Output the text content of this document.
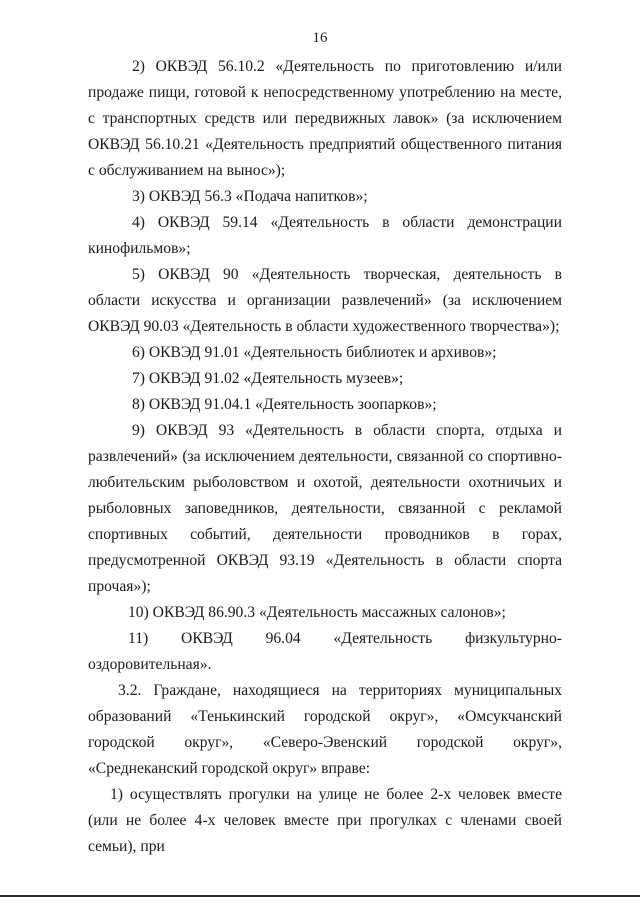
16

2) ОКВЭД 56.10.2 «Деятельность по приготовлению и/или продаже пищи, готовой к непосредственному употреблению на месте, с транспортных средств или передвижных лавок» (за исключением ОКВЭД 56.10.21 «Деятельность предприятий общественного питания с обслуживанием на вынос»);

3) ОКВЭД 56.3 «Подача напитков»;

4) ОКВЭД 59.14 «Деятельность в области демонстрации кинофильмов»;

5) ОКВЭД 90 «Деятельность творческая, деятельность в области искусства и организации развлечений» (за исключением ОКВЭД 90.03 «Деятельность в области художественного творчества»);

6) ОКВЭД 91.01 «Деятельность библиотек и архивов»;

7) ОКВЭД 91.02 «Деятельность музеев»;

8) ОКВЭД 91.04.1 «Деятельность зоопарков»;

9) ОКВЭД 93 «Деятельность в области спорта, отдыха и развлечений» (за исключением деятельности, связанной со спортивно-любительским рыболовством и охотой, деятельности охотничьих и рыболовных заповедников, деятельности, связанной с рекламой спортивных событий, деятельности проводников в горах, предусмотренной ОКВЭД 93.19 «Деятельность в области спорта прочая»);

10) ОКВЭД 86.90.3 «Деятельность массажных салонов»;

11) ОКВЭД 96.04 «Деятельность физкультурно-оздоровительная».

3.2. Граждане, находящиеся на территориях муниципальных образований «Тенькинский городской округ», «Омсукчанский городской округ», «Северо-Эвенский городской округ», «Среднеканский городской округ» вправе:

1) осуществлять прогулки на улице не более 2-х человек вместе (или не более 4-х человек вместе при прогулках с членами своей семьи), при
